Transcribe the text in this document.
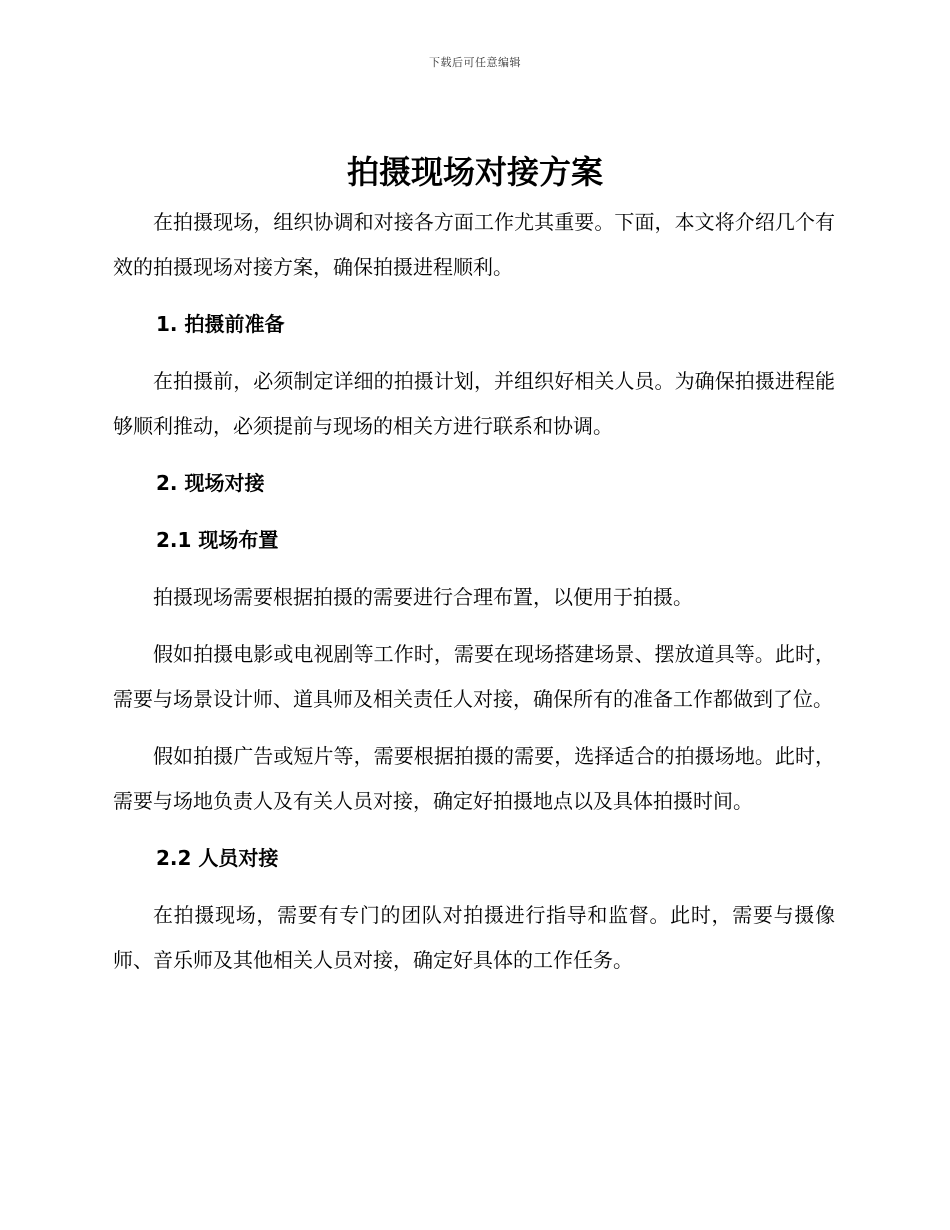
下载后可任意编辑
拍摄现场对接方案

在拍摄现场，组织协调和对接各方面工作尤其重要。下面，本文将介绍几个有效的拍摄现场对接方案，确保拍摄进程顺利。

1. 拍摄前准备

在拍摄前，必须制定详细的拍摄计划，并组织好相关人员。为确保拍摄进程能够顺利推动，必须提前与现场的相关方进行联系和协调。

2. 现场对接

2.1 现场布置

拍摄现场需要根据拍摄的需要进行合理布置，以便用于拍摄。

假如拍摄电影或电视剧等工作时，需要在现场搭建场景、摆放道具等。此时，需要与场景设计师、道具师及相关责任人对接，确保所有的准备工作都做到了位。

假如拍摄广告或短片等，需要根据拍摄的需要，选择适合的拍摄场地。此时，需要与场地负责人及有关人员对接，确定好拍摄地点以及具体拍摄时间。

2.2 人员对接

在拍摄现场，需要有专门的团队对拍摄进行指导和监督。此时，需要与摄像师、音乐师及其他相关人员对接，确定好具体的工作任务。
